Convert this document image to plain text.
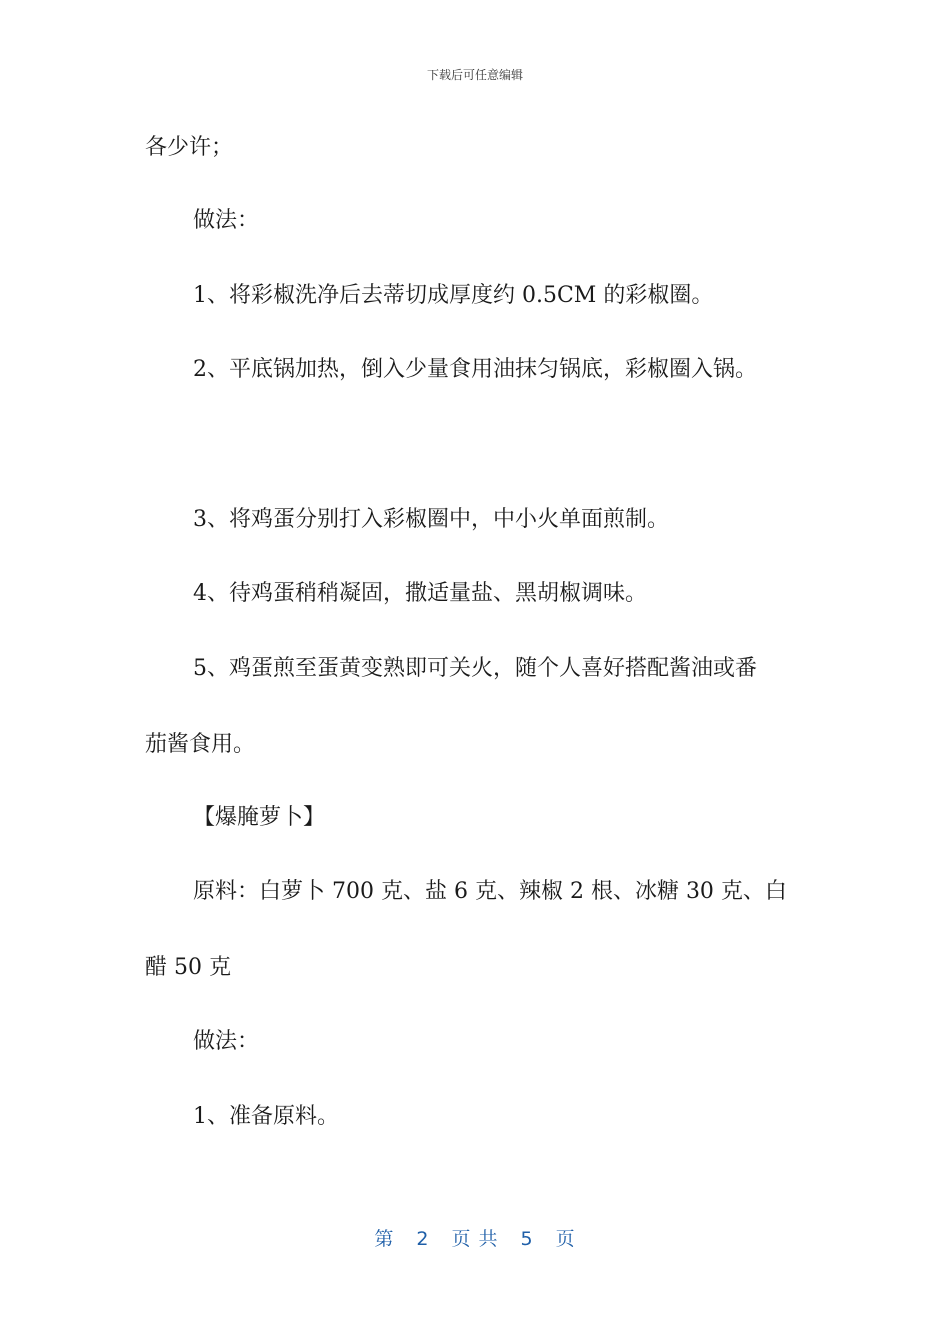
下载后可任意编辑
各少许；
做法：
1、将彩椒洗净后去蒂切成厚度约 0.5CM 的彩椒圈。
2、平底锅加热，倒入少量食用油抹匀锅底，彩椒圈入锅。
3、将鸡蛋分别打入彩椒圈中，中小火单面煎制。
4、待鸡蛋稍稍凝固，撒适量盐、黑胡椒调味。
5、鸡蛋煎至蛋黄变熟即可关火，随个人喜好搭配酱油或番
茄酱食用。
【爆腌萝卜】
原料：白萝卜 700 克、盐 6 克、辣椒 2 根、冰糖 30 克、白
醋 50 克
做法：
1、准备原料。
第 2 页 共 5 页
